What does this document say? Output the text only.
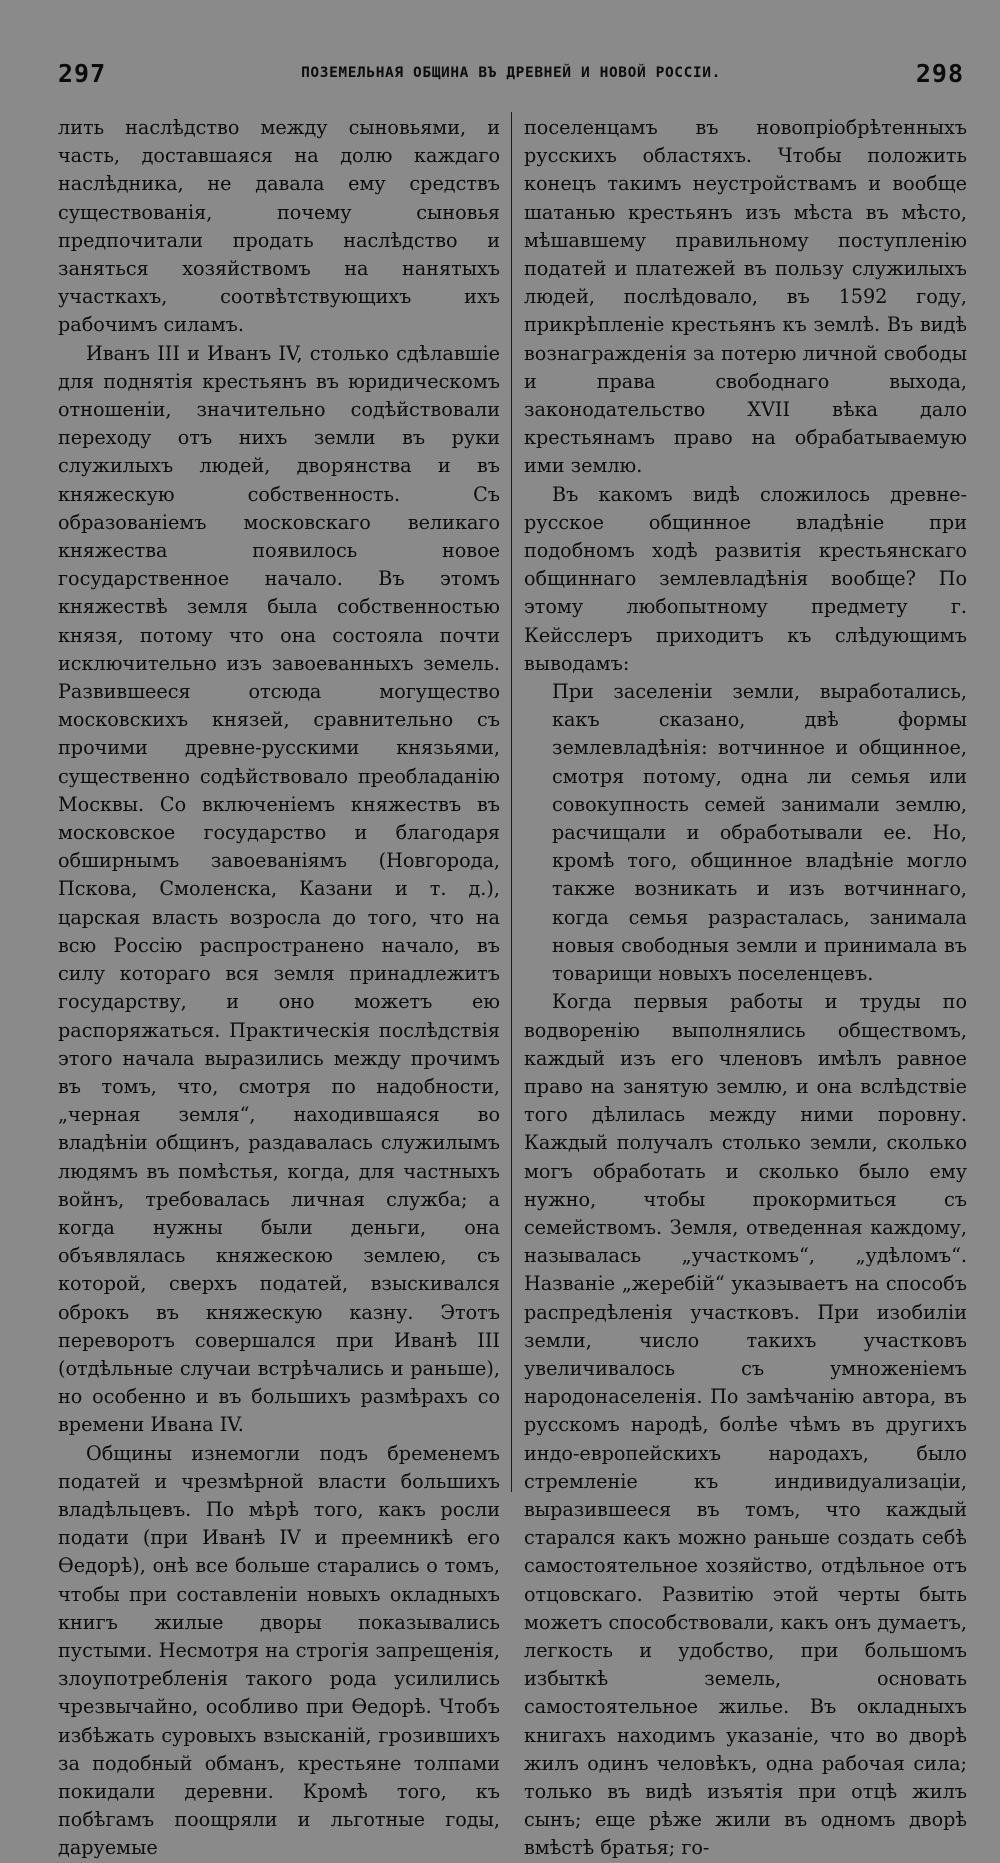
297	ПОЗЕМЕЛЬНАЯ ОБЩИНА ВЪ ДРЕВНЕЙ И НОВОЙ РОССІИ.	298

лить наслѣдство между сыновьями, и часть, доставшаяся на долю каждаго наслѣдника, не давала ему средствъ существованія, почему сыновья предпочитали продать наслѣдство и заняться хозяйствомъ на нанятыхъ участкахъ, соотвѣтствующихъ ихъ рабочимъ силамъ.

Иванъ III и Иванъ IV, столько сдѣлавшіе для поднятія крестьянъ въ юридическомъ отношеніи, значительно содѣйствовали переходу отъ нихъ земли въ руки служилыхъ людей, дворянства и въ княжескую собственность. Съ образованіемъ московскаго великаго княжества появилось новое государственное начало. Въ этомъ княжествѣ земля была собственностью князя, потому что она состояла почти исключительно изъ завоеванныхъ земель. Развившееся отсюда могущество московскихъ князей, сравнительно съ прочими древне-русскими князьями, существенно содѣйствовало преобладанію Москвы. Со включеніемъ княжествъ въ московское государство и благодаря обширнымъ завоеваніямъ (Новгорода, Пскова, Смоленска, Казани и т. д.), царская власть возросла до того, что на всю Россію распространено начало, въ силу котораго вся земля принадлежитъ государству, и оно можетъ ею распоряжаться. Практическія послѣдствія этого начала выразились между прочимъ въ томъ, что, смотря по надобности, „черная земля“, находившаяся во владѣніи общинъ, раздавалась служилымъ людямъ въ помѣстья, когда, для частныхъ войнъ, требовалась личная служба; а когда нужны были деньги, она объявлялась княжескою землею, съ которой, сверхъ податей, взыскивался оброкъ въ княжескую казну. Этотъ переворотъ совершался при Иванѣ III (отдѣльные случаи встрѣчались и раньше), но особенно и въ большихъ размѣрахъ со времени Ивана IV.

Общины изнемогли подъ бременемъ податей и чрезмѣрной власти большихъ владѣльцевъ. По мѣрѣ того, какъ росли подати (при Иванѣ IV и преемникѣ его Ѳедорѣ), онѣ все больше старались о томъ, чтобы при составленіи новыхъ окладныхъ книгъ жилые дворы показывались пустыми. Несмотря на строгія запрещенія, злоупотребленія такого рода усилились чрезвычайно, особливо при Ѳедорѣ. Чтобъ избѣжать суровыхъ взысканій, грозившихъ за подобный обманъ, крестьяне толпами покидали деревни. Кромѣ того, къ побѣгамъ поощряли и льготные годы, даруемые

поселенцамъ въ новопріобрѣтенныхъ русскихъ областяхъ. Чтобы положить конецъ такимъ неустройствамъ и вообще шатанью крестьянъ изъ мѣста въ мѣсто, мѣшавшему правильному поступленію податей и платежей въ пользу служилыхъ людей, послѣдовало, въ 1592 году, прикрѣпленіе крестьянъ къ землѣ. Въ видѣ вознагражденія за потерю личной свободы и права свободнаго выхода, законодательство XVII вѣка дало крестьянамъ право на обрабатываемую ими землю.

Въ какомъ видѣ сложилось древне-русское общинное владѣніе при подобномъ ходѣ развитія крестьянскаго общиннаго землевладѣнія вообще? По этому любопытному предмету г. Кейсслеръ приходитъ къ слѣдующимъ выводамъ:

При заселеніи земли, выработались, какъ сказано, двѣ формы землевладѣнія: вотчинное и общинное, смотря потому, одна ли семья или совокупность семей занимали землю, расчищали и обработывали ее. Но, кромѣ того, общинное владѣніе могло также возникать и изъ вотчиннаго, когда семья разрасталась, занимала новыя свободныя земли и принимала въ товарищи новыхъ поселенцевъ.

Когда первыя работы и труды по водворенію выполнялись обществомъ, каждый изъ его членовъ имѣлъ равное право на занятую землю, и она вслѣдствіе того дѣлилась между ними поровну. Каждый получалъ столько земли, сколько могъ обработать и сколько было ему нужно, чтобы прокормиться съ семействомъ. Земля, отведенная каждому, называлась „участкомъ“, „удѣломъ“. Названіе „жеребій“ указываетъ на способъ распредѣленія участковъ. При изобиліи земли, число такихъ участковъ увеличивалось съ умноженіемъ народонаселенія. По замѣчанію автора, въ русскомъ народѣ, болѣе чѣмъ въ другихъ индо-европейскихъ народахъ, было стремленіе къ индивидуализаціи, выразившееся въ томъ, что каждый старался какъ можно раньше создать себѣ самостоятельное хозяйство, отдѣльное отъ отцовскаго. Развитію этой черты быть можетъ способствовали, какъ онъ думаетъ, легкость и удобство, при большомъ избыткѣ земель, основать самостоятельное жилье. Въ окладныхъ книгахъ находимъ указаніе, что во дворѣ жилъ одинъ человѣкъ, одна рабочая сила; только въ видѣ изъятія при отцѣ жилъ сынъ; еще рѣже жили въ одномъ дворѣ вмѣстѣ братья; го-
